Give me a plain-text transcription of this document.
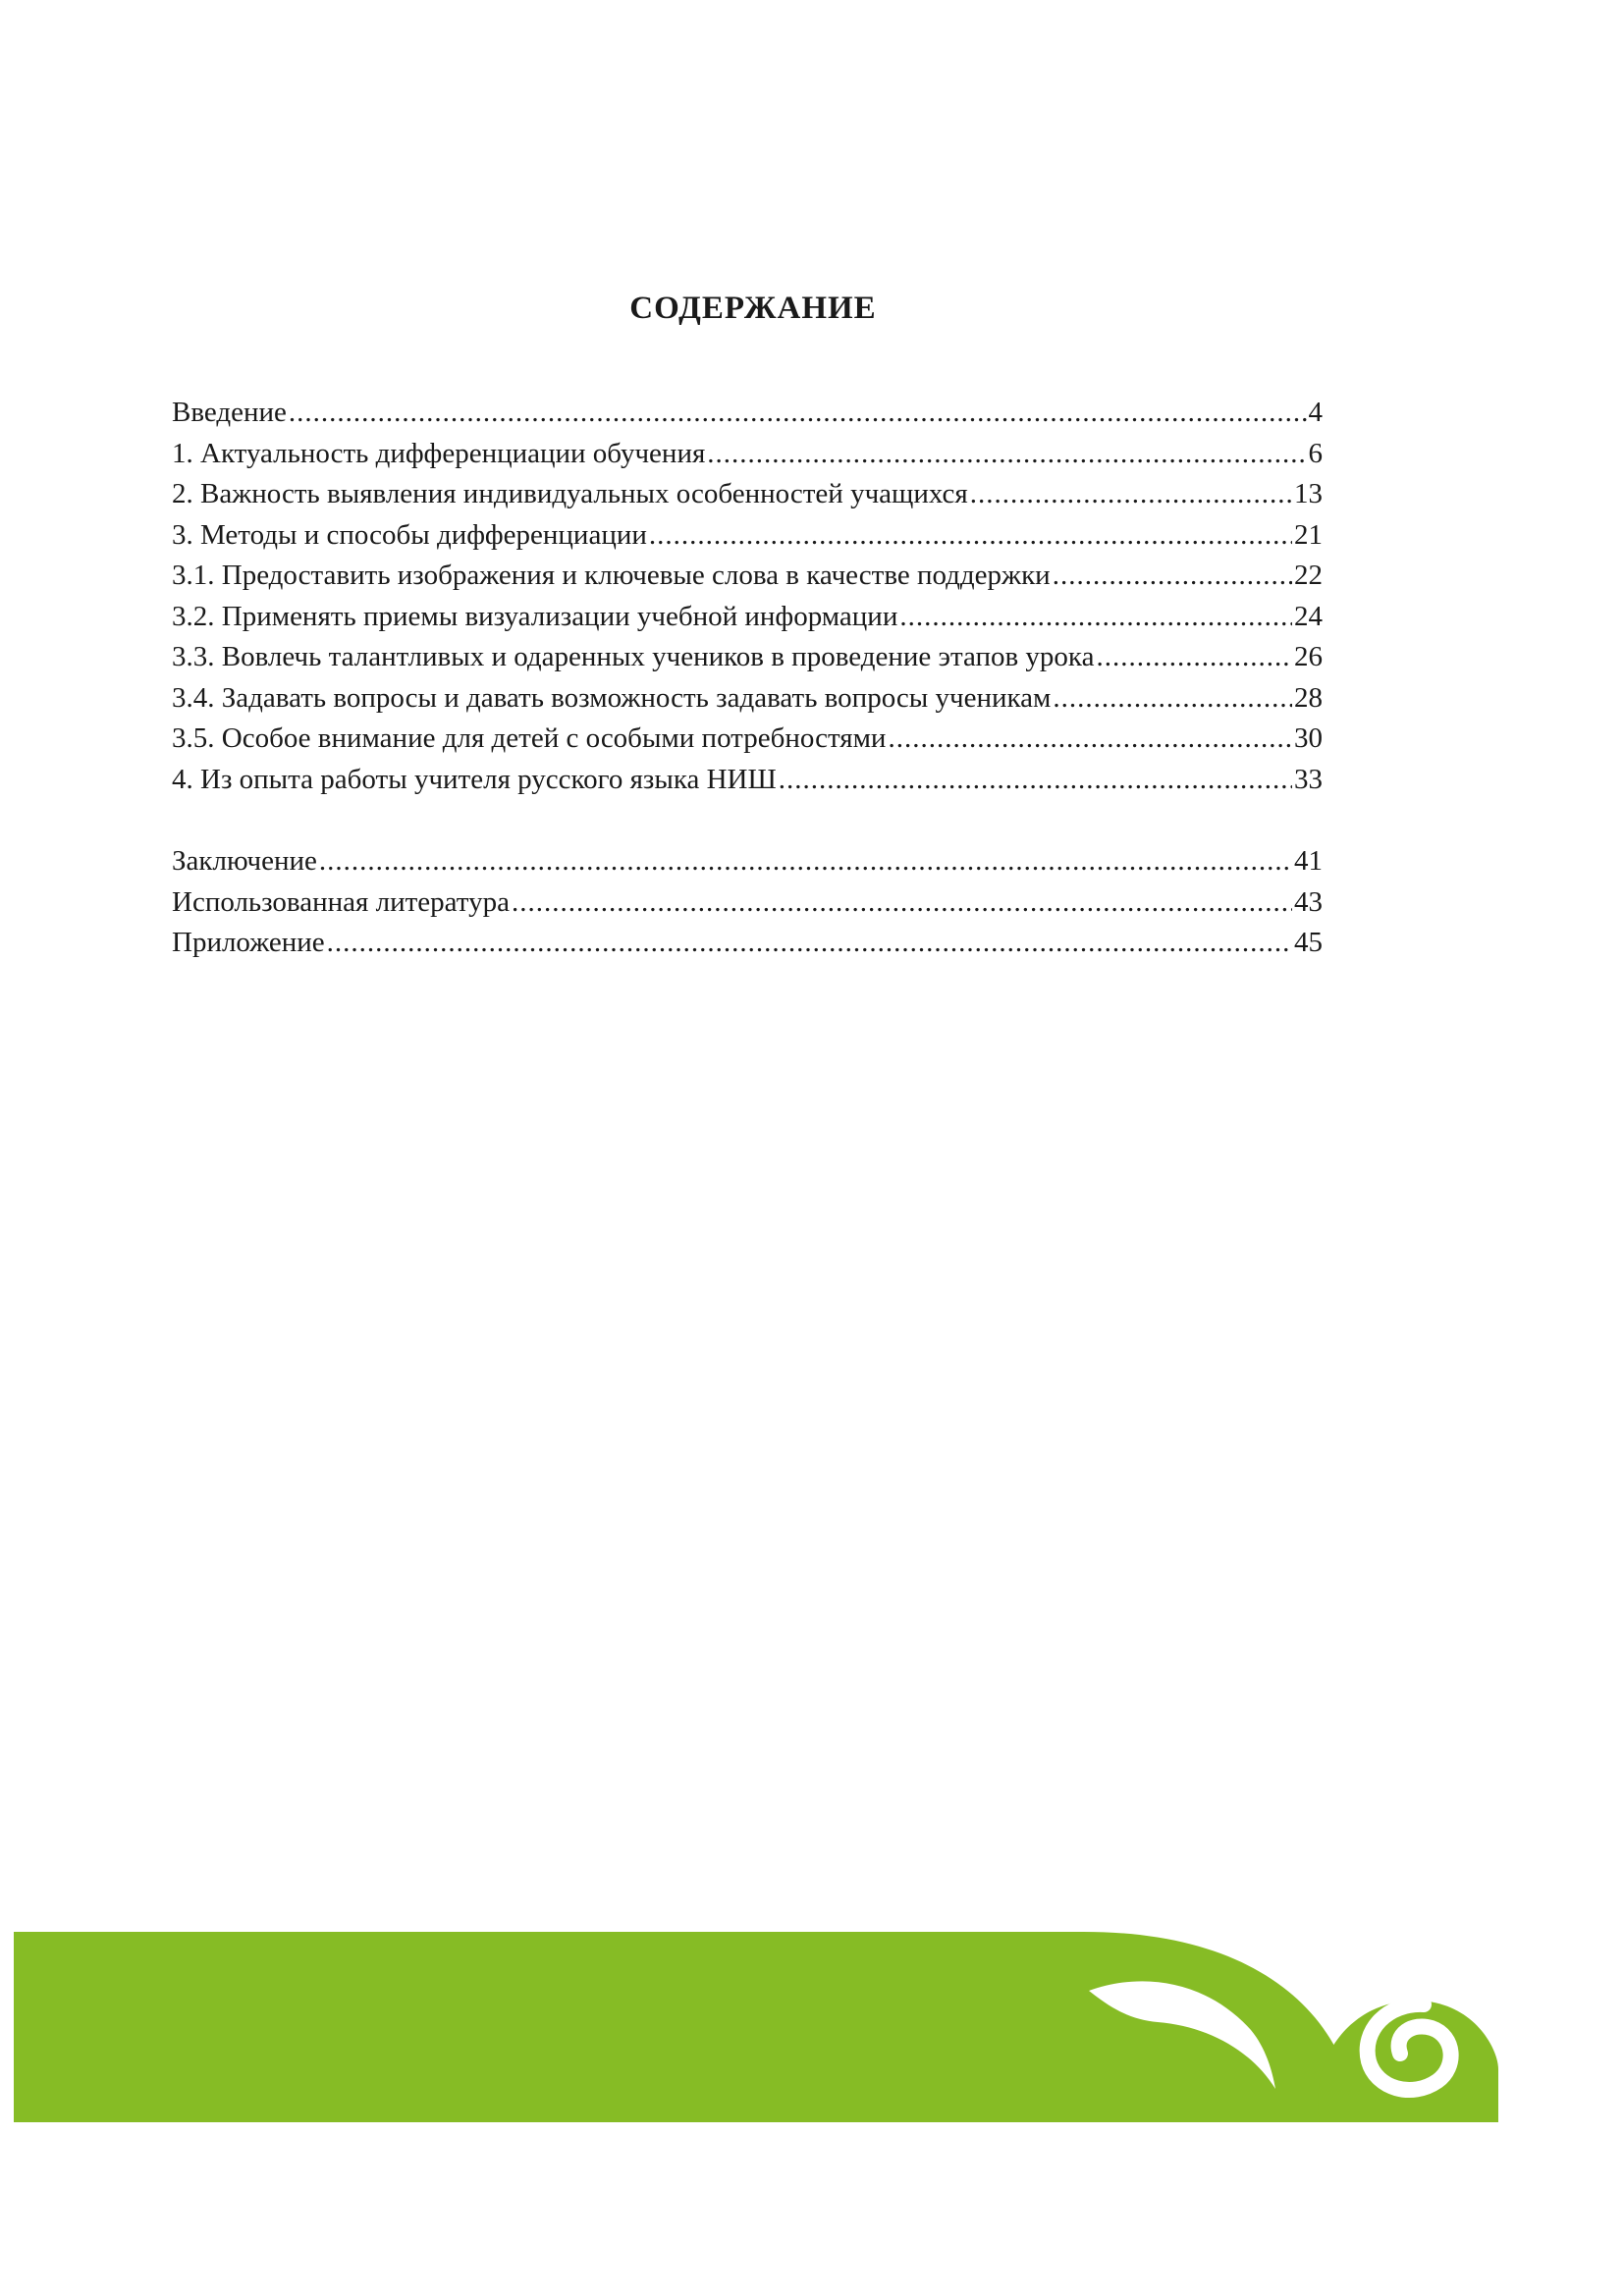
СОДЕРЖАНИЕ
Введение .....	4
1. Актуальность дифференциации обучения .....	6
2. Важность выявления индивидуальных особенностей учащихся .....	13
3. Методы и способы дифференциации .....	21
3.1. Предоставить изображения и ключевые слова в качестве поддержки .....	22
3.2. Применять приемы визуализации учебной информации .....	24
3.3. Вовлечь талантливых и одаренных учеников в проведение этапов урока .....	26
3.4. Задавать вопросы и давать возможность задавать вопросы ученикам .....	28
3.5. Особое внимание для детей с особыми потребностями .....	30
4. Из опыта работы учителя русского языка НИШ .....	33
Заключение .....	41
Использованная литература .....	43
Приложение .....	45
